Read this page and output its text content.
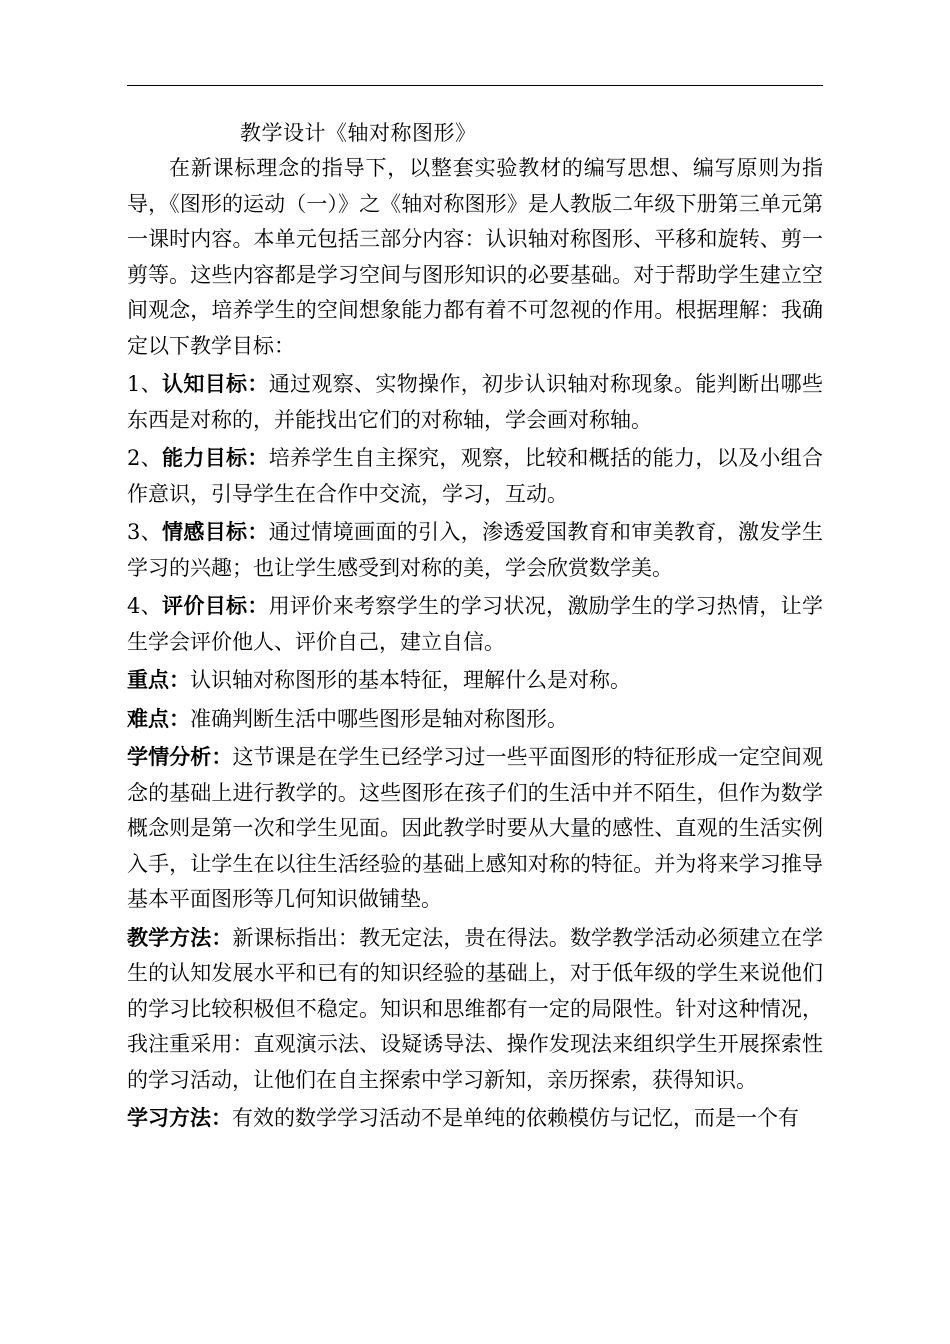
教学设计《轴对称图形》

在新课标理念的指导下，以整套实验教材的编写思想、编写原则为指导，《图形的运动（一）》之《轴对称图形》是人教版二年级下册第三单元第一课时内容。本单元包括三部分内容：认识轴对称图形、平移和旋转、剪一剪等。这些内容都是学习空间与图形知识的必要基础。对于帮助学生建立空间观念，培养学生的空间想象能力都有着不可忽视的作用。根据理解：我确定以下教学目标：

1、认知目标：通过观察、实物操作，初步认识轴对称现象。能判断出哪些东西是对称的，并能找出它们的对称轴，学会画对称轴。

2、能力目标：培养学生自主探究，观察，比较和概括的能力，以及小组合作意识，引导学生在合作中交流，学习，互动。

3、情感目标：通过情境画面的引入，渗透爱国教育和审美教育，激发学生学习的兴趣；也让学生感受到对称的美，学会欣赏数学美。

4、评价目标：用评价来考察学生的学习状况，激励学生的学习热情，让学生学会评价他人、评价自己，建立自信。

重点：认识轴对称图形的基本特征，理解什么是对称。

难点：准确判断生活中哪些图形是轴对称图形。

学情分析：这节课是在学生已经学习过一些平面图形的特征形成一定空间观念的基础上进行教学的。这些图形在孩子们的生活中并不陌生，但作为数学概念则是第一次和学生见面。因此教学时要从大量的感性、直观的生活实例入手，让学生在以往生活经验的基础上感知对称的特征。并为将来学习推导基本平面图形等几何知识做铺垫。

教学方法：新课标指出：教无定法，贵在得法。数学教学活动必须建立在学生的认知发展水平和已有的知识经验的基础上，对于低年级的学生来说他们的学习比较积极但不稳定。知识和思维都有一定的局限性。针对这种情况，我注重采用：直观演示法、设疑诱导法、操作发现法来组织学生开展探索性的学习活动，让他们在自主探索中学习新知，亲历探索，获得知识。

学习方法：有效的数学学习活动不是单纯的依赖模仿与记忆，而是一个有
